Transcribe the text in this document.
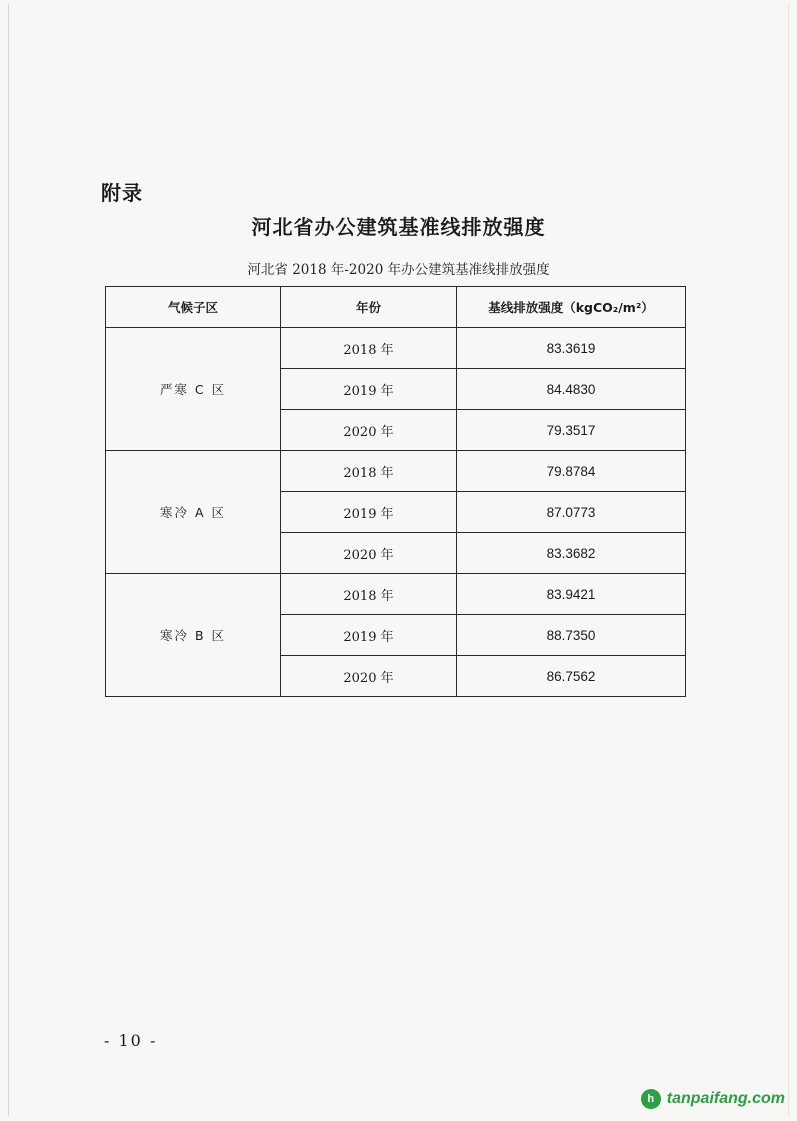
附录
河北省办公建筑基准线排放强度
河北省 2018 年-2020 年办公建筑基准线排放强度
气候子区	年份	基线排放强度（kgCO₂/m²）
严寒 C 区	2018 年	83.3619
	2019 年	84.4830
	2020 年	79.3517
寒冷 A 区	2018 年	79.8784
	2019 年	87.0773
	2020 年	83.3682
寒冷 B 区	2018 年	83.9421
	2019 年	88.7350
	2020 年	86.7562
- 10 -
h tanpaifang.com
